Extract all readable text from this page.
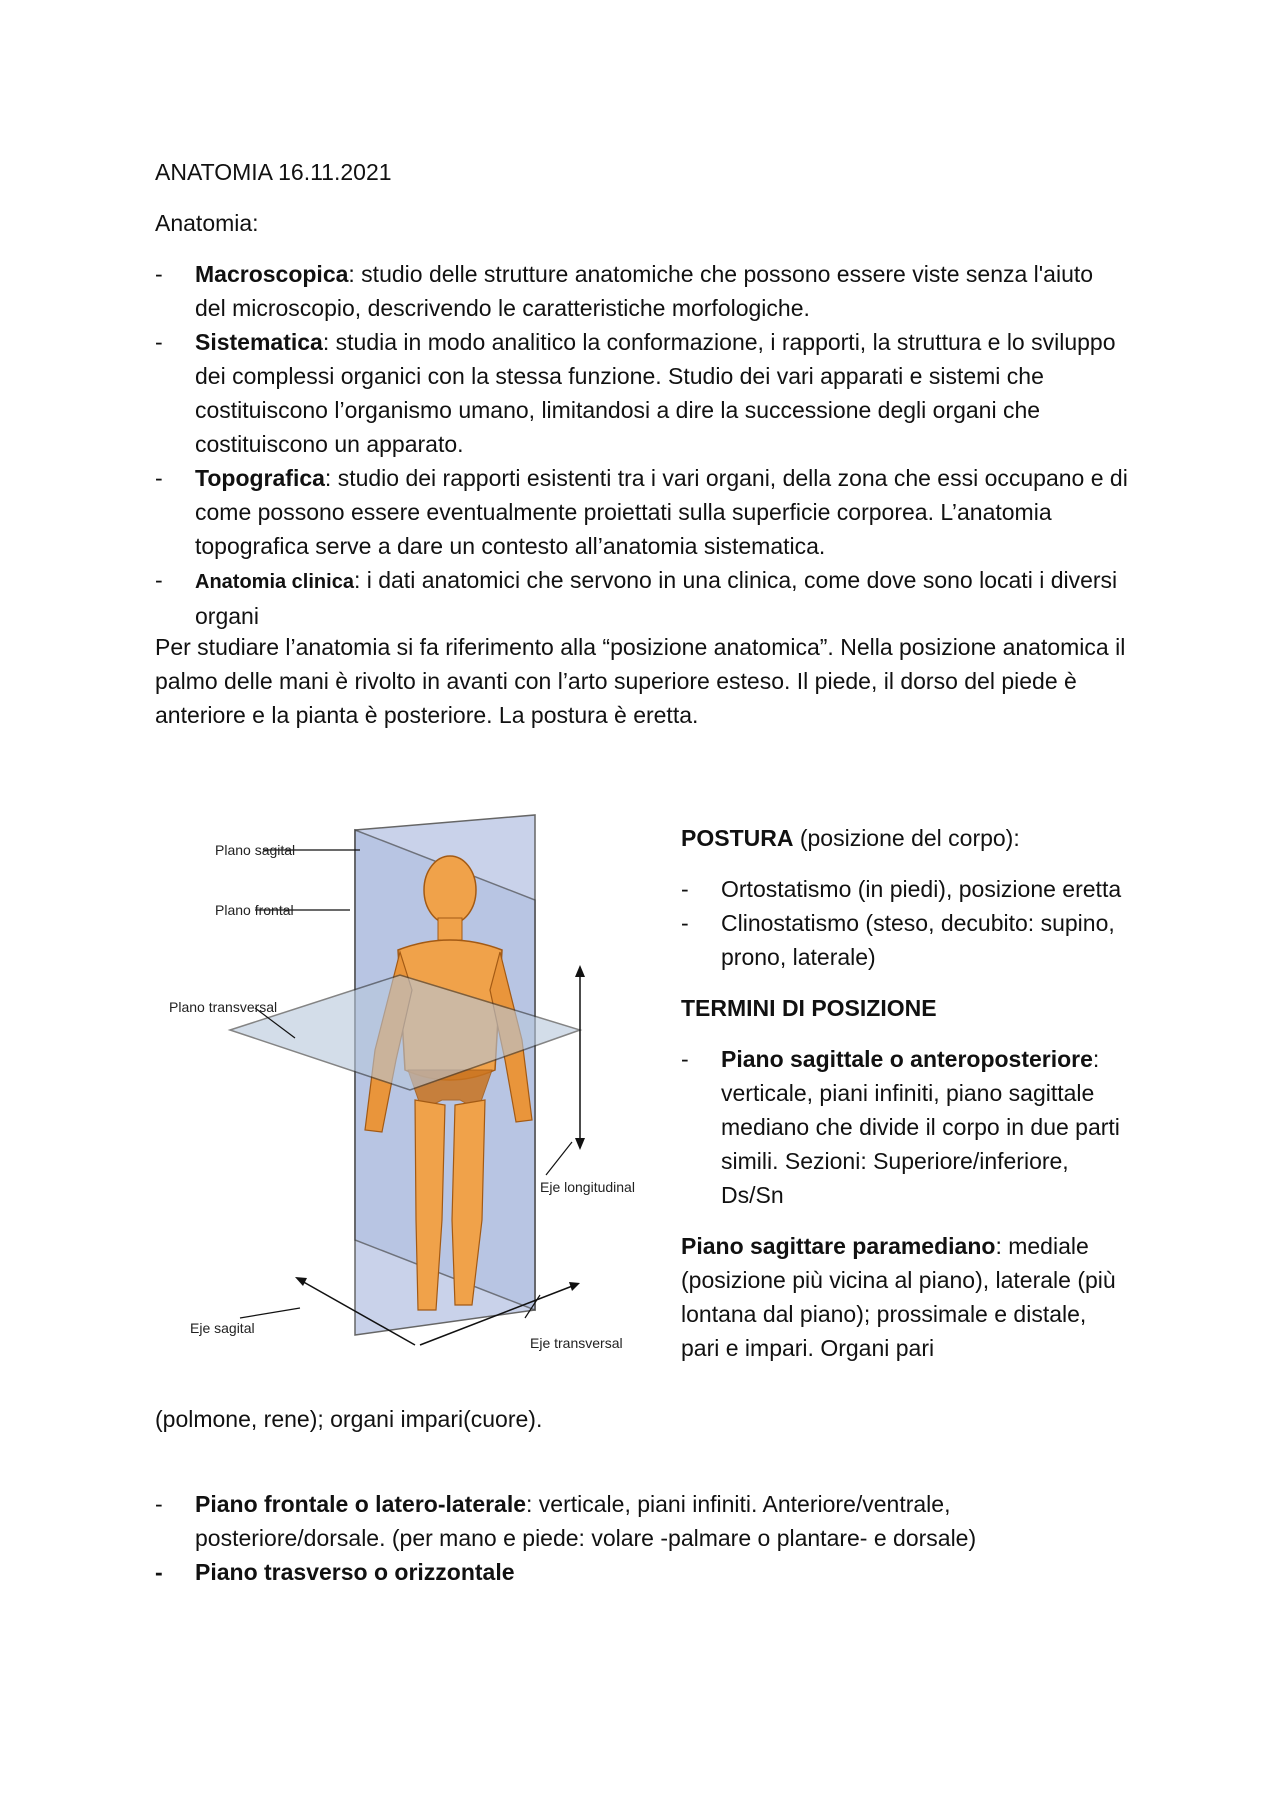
ANATOMIA 16.11.2021
Anatomia:
- Macroscopica: studio delle strutture anatomiche che possono essere viste senza l'aiuto del microscopio, descrivendo le caratteristiche morfologiche.
- Sistematica: studia in modo analitico la conformazione, i rapporti, la struttura e lo sviluppo dei complessi organici con la stessa funzione. Studio dei vari apparati e sistemi che costituiscono l’organismo umano, limitandosi a dire la successione degli organi che costituiscono un apparato.
- Topografica: studio dei rapporti esistenti tra i vari organi, della zona che essi occupano e di come possono essere eventualmente proiettati sulla superficie corporea. L’anatomia topografica serve a dare un contesto all’anatomia sistematica.
- Anatomia clinica: i dati anatomici che servono in una clinica, come dove sono locati i diversi organi

Per studiare l’anatomia si fa riferimento alla “posizione anatomica”. Nella posizione anatomica il palmo delle mani è rivolto in avanti con l’arto superiore esteso. Il piede, il dorso del piede è anteriore e la pianta è posteriore. La postura è eretta.

Plano sagital
Plano frontal
Plano transversal
Eje longitudinal
Eje sagital
Eje transversal
POSTURA (posizione del corpo):
- Ortostatismo (in piedi), posizione eretta
- Clinostatismo (steso, decubito: supino, prono, laterale)
TERMINI DI POSIZIONE
- Piano sagittale o anteroposteriore: verticale, piani infiniti, piano sagittale mediano che divide il corpo in due parti simili. Sezioni: Superiore/inferiore, Ds/Sn
Piano sagittare paramediano: mediale (posizione più vicina al piano), laterale (più lontana dal piano); prossimale e distale, pari e impari. Organi pari
(polmone, rene); organi impari(cuore).
- Piano frontale o latero-laterale: verticale, piani infiniti. Anteriore/ventrale, posteriore/dorsale. (per mano e piede: volare -palmare o plantare- e dorsale)
- Piano trasverso o orizzontale
